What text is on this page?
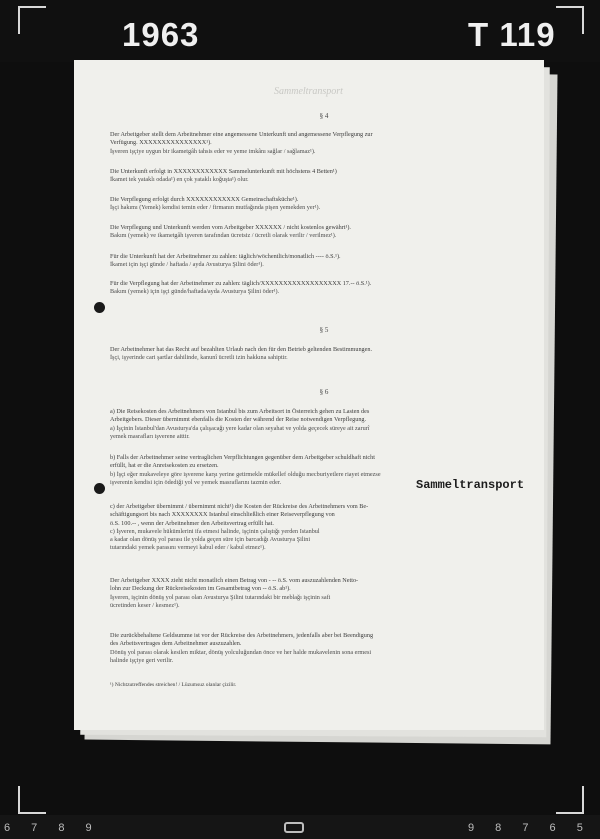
1963	T 119
Sammeltransport
§ 4

Der Arbeitgeber stellt dem Arbeitnehmer eine angemessene Unterkunft und angemessene Verpflegung zur

Verfügung. XXXXXXXXXXXXXXX¹).

İşveren işçiye uygun bir ikametgâh tahsis eder ve yeme imkânı sağlar / sağlamaz¹).

Die Unterkunft erfolgt in XXXXXXXXXXXX Sammelunterkunft mit höchstens 4 Betten¹)

İkamet tek yataklı odada¹) en çok yataklı koğuşta¹) olur.

Die Verpflegung erfolgt durch XXXXXXXXXXXX Gemeinschaftsküche¹).

İşçi hakımı (Yemek) kendisi temin eder / firmanın mutfağında pişen yemekden yer¹).

Die Verpflegung und Unterkunft werden vom Arbeitgeber XXXXXX / nicht kostenlos gewährt¹).

Bakım (yemek) ve ikametgâh işveren tarafından ücretsiz / ücretli olarak verilir / verilmez¹).

Für die Unterkunft hat der Arbeitnehmer zu zahlen: täglich/wöchentlich/monatlich ---- ö.S.¹).

İkamet için işçi günde / haftada / ayda Avusturya Şilini öder¹).

Für die Verpflegung hat der Arbeitnehmer zu zahlen: täglich/XXXXXXXXXXXXXXXXXX 17.-- ö.S.¹).

Bakım (yemek) için işçi günde/haftada/ayda Avusturya Şilini öder¹).

§ 5

Der Arbeitnehmer hat das Recht auf bezahlten Urlaub nach den für den Betrieb geltenden Bestimmungen.

İşçi, işyerinde cari şartlar dahilinde, kanunî ücretli izin hakkına sahiptir.

§ 6

a) Die Reisekosten des Arbeitnehmers von Istanbul bis zum Arbeitsort in Österreich gehen zu Lasten des

Arbeitgebers. Dieser übernimmt ebenfalls die Kosten der während der Reise notwendigen Verpflegung.

a) İşçinin İstanbul'dan Avusturya'da çalışacağı yere kadar olan seyahat ve yolda geçecek süreye ait zarurî

yemek masrafları işverene aittir.

b) Falls der Arbeitnehmer seine vertraglichen Verpflichtungen gegenüber dem Arbeitgeber schuldhaft nicht

erfüllt, hat er die Anreisekosten zu ersetzen.

b) İşçi eğer mukaveleye göre işverene karşı yerine getirmekle mükellef olduğu mecburiyetlere riayet etmezse

işverenin kendisi için ödediği yol ve yemek masraflarını tazmin eder.	Sammeltransport

c) der Arbeitgeber übernimmt / übernimmt nicht¹) die Kosten der Rückreise des Arbeitnehmers vom Be-

schäftigungsort bis nach XXXXXXXX Istanbul einschließlich einer Reiseverpflegung von

ö.S. 100.-- , wenn der Arbeitnehmer den Arbeitsvertrag erfüllt hat.

c) İşveren, mukavele hükümlerini ifa etmesi halinde, işçinin çalıştığı yerden Istanbul

a kadar olan dönüş yol parası ile yolda geçen süre için barcadığı Avusturya Şilini

tutarındaki yemek parasını vermeyi kabul eder / kabul etmez¹).

Der Arbeitgeber XXXX zieht nicht monatlich einen Betrag von - -- ö.S. vom auszuzahlenden Netto-

lohn zur Deckung der Rückreisekosten im Gesamtbetrag von -- ö.S. ab¹).

İşveren, işçinin dönüş yol parası olan Avusturya Şilini tutarındaki bir meblağı işçinin safi

ücretinden keser / kesmez¹).

Die zurückbehaltene Geldsumme ist vor der Rückreise des Arbeitnehmers, jedenfalls aber bei Beendigung

des Arbeitsvertrages dem Arbeitnehmer auszuzahlen.

Dönüş yol parası olarak kesilen miktar, dönüş yolculuğundan önce ve her halde mukavelenin sona ermesi

halinde işçiye geri verilir.

¹) Nichtzutreffendes streichen! / Lüzumsuz olanlar çizilir.

6 7 8 9	9 8 7 6 5
